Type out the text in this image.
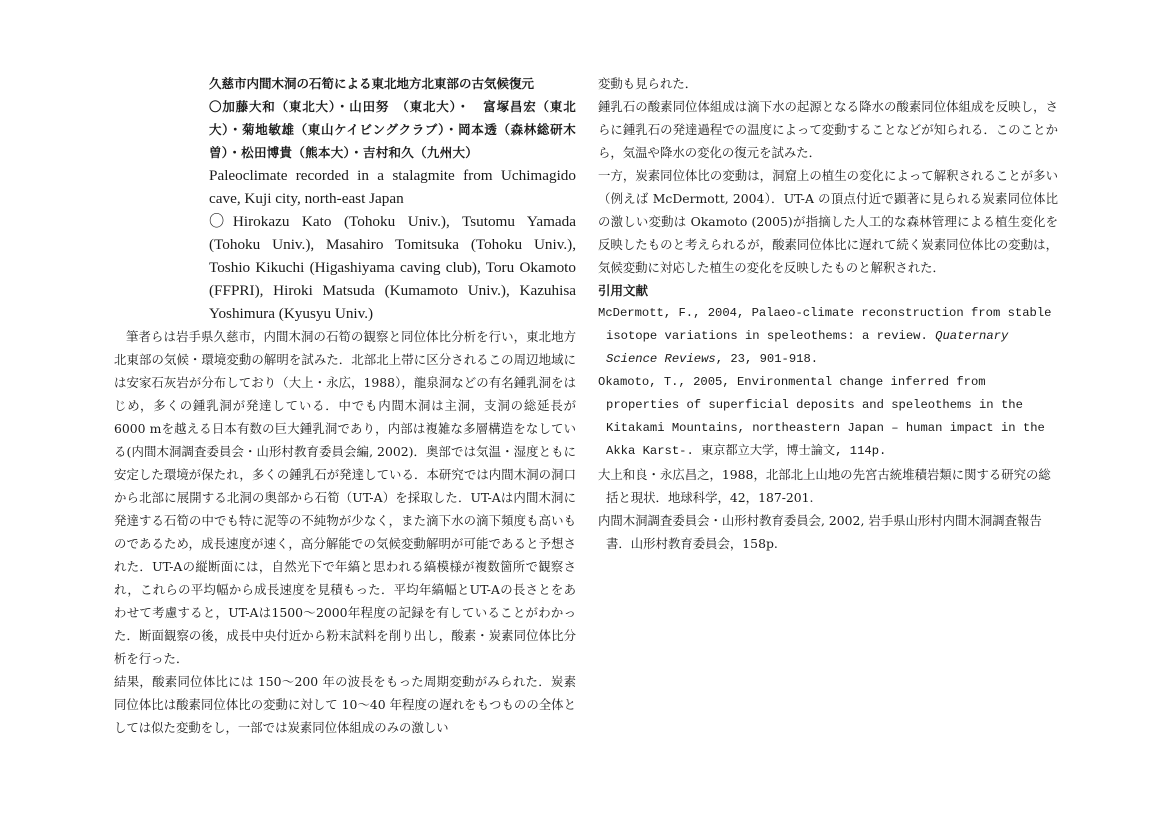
久慈市内間木洞の石筍による東北地方北東部の古気候復元
〇加藤大和（東北大）・山田努　（東北大）・　富塚昌宏（東北大）・菊地敏雄（東山ケイビングクラブ）・岡本透（森林総研木曽）・松田博貴（熊本大）・吉村和久（九州大）
Paleoclimate recorded in a stalagmite from Uchimagido cave, Kuji city, north-east Japan
〇Hirokazu Kato (Tohoku Univ.), Tsutomu Yamada (Tohoku Univ.), Masahiro Tomitsuka (Tohoku Univ.), Toshio Kikuchi (Higashiyama caving club), Toru Okamoto (FFPRI), Hiroki Matsuda (Kumamoto Univ.), Kazuhisa Yoshimura (Kyusyu Univ.)

筆者らは岩手県久慈市，内間木洞の石筍の観察と同位体比分析を行い，東北地方北東部の気候・環境変動の解明を試みた．北部北上帯に区分されるこの周辺地域には安家石灰岩が分布しており（大上・永広，1988），龍泉洞などの有名鍾乳洞をはじめ，多くの鍾乳洞が発達している．中でも内間木洞は主洞，支洞の総延長が6000 mを越える日本有数の巨大鍾乳洞であり，内部は複雑な多層構造をなしている(内間木洞調査委員会・山形村教育委員会編, 2002)．奥部では気温・湿度ともに安定した環境が保たれ，多くの鍾乳石が発達している．本研究では内間木洞の洞口から北部に展開する北洞の奥部から石筍（UT-A）を採取した．UT-Aは内間木洞に発達する石筍の中でも特に泥等の不純物が少なく，また滴下水の滴下頻度も高いものであるため，成長速度が速く，高分解能での気候変動解明が可能であると予想された．UT-Aの縦断面には，自然光下で年縞と思われる縞模様が複数箇所で観察され，これらの平均幅から成長速度を見積もった．平均年縞幅とUT-Aの長さとをあわせて考慮すると，UT-Aは1500～2000年程度の記録を有していることがわかった．断面観察の後，成長中央付近から粉末試料を削り出し，酸素・炭素同位体比分析を行った．

結果，酸素同位体比には 150～200 年の波長をもった周期変動がみられた．炭素同位体比は酸素同位体比の変動に対して 10～40 年程度の遅れをもつものの全体としては似た変動をし，一部では炭素同位体組成のみの激しい

変動も見られた．

鍾乳石の酸素同位体組成は滴下水の起源となる降水の酸素同位体組成を反映し，さらに鍾乳石の発達過程での温度によって変動することなどが知られる．このことから，気温や降水の変化の復元を試みた．

一方，炭素同位体比の変動は，洞窟上の植生の変化によって解釈されることが多い（例えば McDermott, 2004）．UT-A の頂点付近で顕著に見られる炭素同位体比の激しい変動は Okamoto (2005)が指摘した人工的な森林管理による植生変化を反映したものと考えられるが，酸素同位体比に遅れて続く炭素同位体比の変動は，気候変動に対応した植生の変化を反映したものと解釈された．

引用文献

McDermott, F., 2004, Palaeo-climate reconstruction from stable isotope variations in speleothems: a review. Quaternary Science Reviews, 23, 901-918.

Okamoto, T., 2005, Environmental change inferred from properties of superficial deposits and speleothems in the Kitakami Mountains, northeastern Japan – human impact in the Akka Karst-. 東京都立大学，博士論文, 114p.

大上和良・永広昌之，1988，北部北上山地の先宮古統堆積岩類に関する研究の総括と現状．地球科学，42，187-201.

内間木洞調査委員会・山形村教育委員会, 2002, 岩手県山形村内間木洞調査報告書．山形村教育委員会，158p.
